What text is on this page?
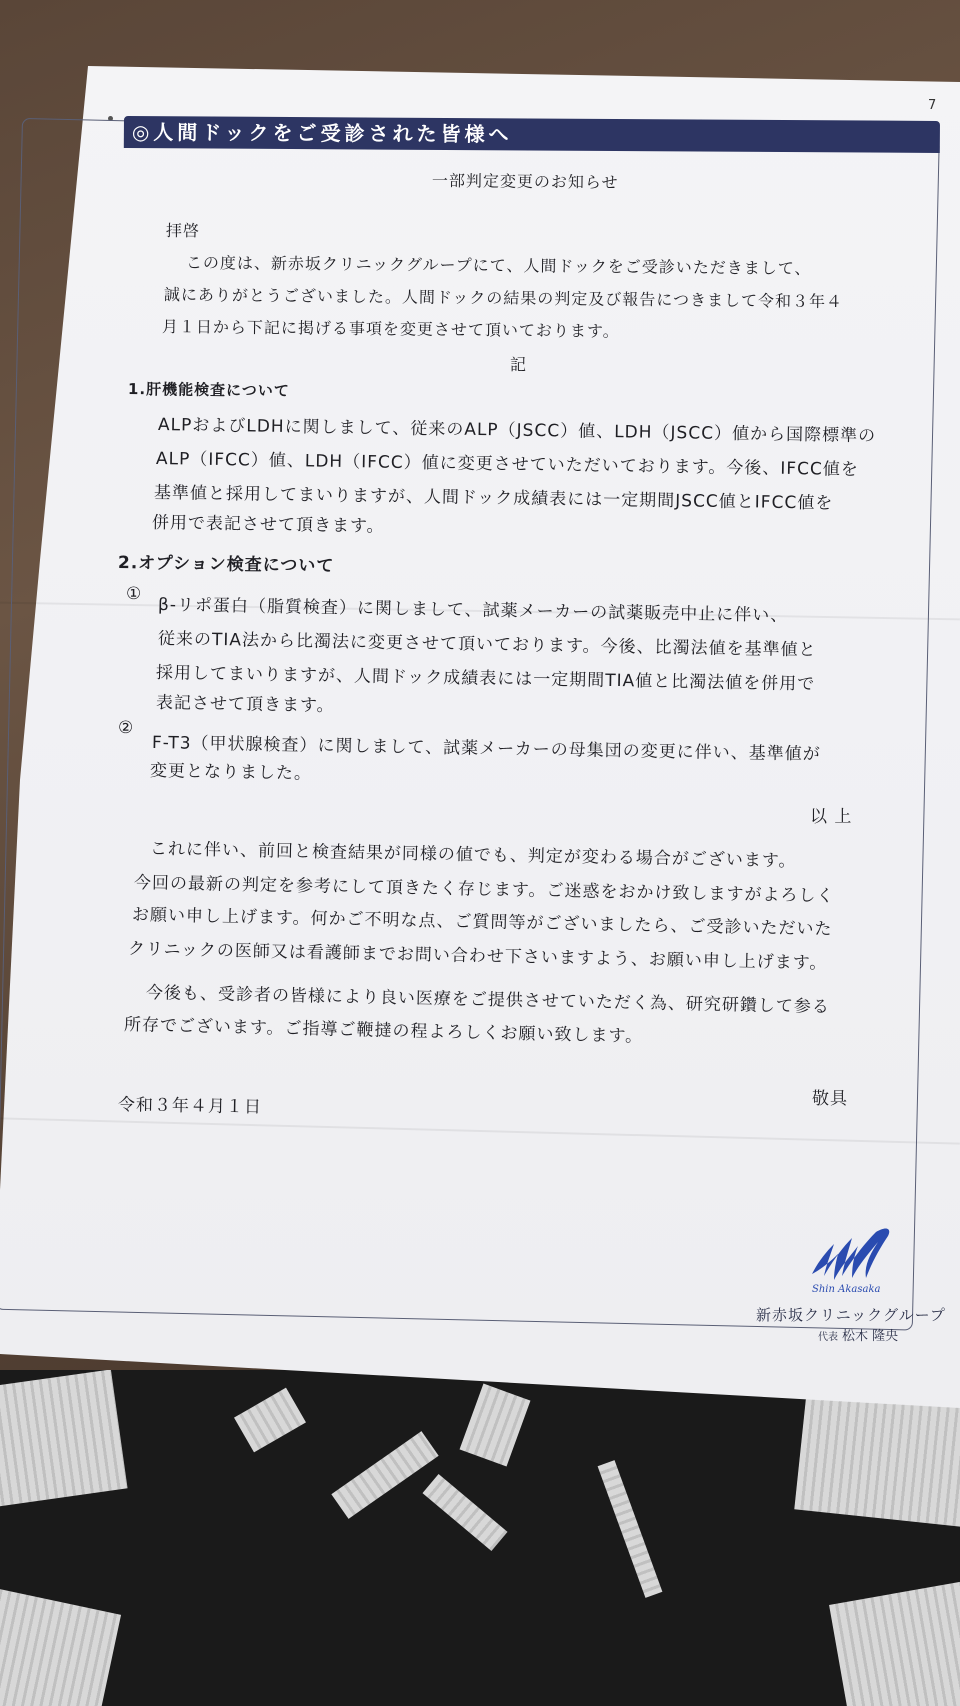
7
◎人間ドックをご受診された皆様へ
一部判定変更のお知らせ
拝啓
この度は、新赤坂クリニックグループにて、人間ドックをご受診いただきまして、
誠にありがとうございました。人間ドックの結果の判定及び報告につきまして令和３年４
月１日から下記に掲げる事項を変更させて頂いております。
記
1.肝機能検査について
ALPおよびLDHに関しまして、従来のALP（JSCC）値、LDH（JSCC）値から国際標準の
ALP（IFCC）値、LDH（IFCC）値に変更させていただいております。今後、IFCC値を
基準値と採用してまいりますが、人間ドック成績表には一定期間JSCC値とIFCC値を
併用で表記させて頂きます。
2.オプション検査について
①
β-リポ蛋白（脂質検査）に関しまして、試薬メーカーの試薬販売中止に伴い、
従来のTIA法から比濁法に変更させて頂いております。今後、比濁法値を基準値と
採用してまいりますが、人間ドック成績表には一定期間TIA値と比濁法値を併用で
表記させて頂きます。
②
F-T3（甲状腺検査）に関しまして、試薬メーカーの母集団の変更に伴い、基準値が
変更となりました。
以 上
これに伴い、前回と検査結果が同様の値でも、判定が変わる場合がございます。
今回の最新の判定を参考にして頂きたく存じます。ご迷惑をおかけ致しますがよろしく
お願い申し上げます。何かご不明な点、ご質問等がございましたら、ご受診いただいた
クリニックの医師又は看護師までお問い合わせ下さいますよう、お願い申し上げます。
今後も、受診者の皆様により良い医療をご提供させていただく為、研究研鑽して参る
所存でございます。ご指導ご鞭撻の程よろしくお願い致します。
令和３年４月１日	敬具
Shin Akasaka
新赤坂クリニックグループ
代表 松木 隆央
